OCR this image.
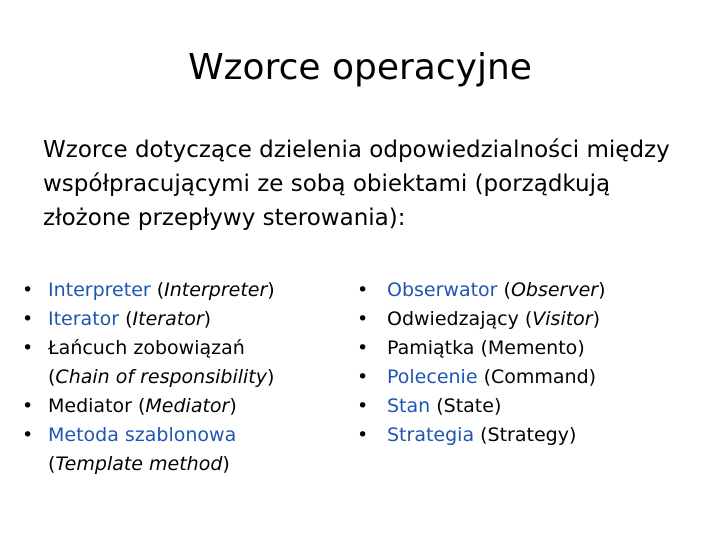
Wzorce operacyjne
Wzorce dotyczące dzielenia odpowiedzialności między współpracującymi ze sobą obiektami (porządkują złożone przepływy sterowania):
•
Interpreter (Interpreter)
•
Iterator (Iterator)
•
Łańcuch zobowiązań
(Chain of responsibility)
•
Mediator (Mediator)
•
Metoda szablonowa
(Template method)
•
Obserwator (Observer)
•
Odwiedzający (Visitor)
•
Pamiątka (Memento)
•
Polecenie (Command)
•
Stan (State)
•
Strategia (Strategy)
